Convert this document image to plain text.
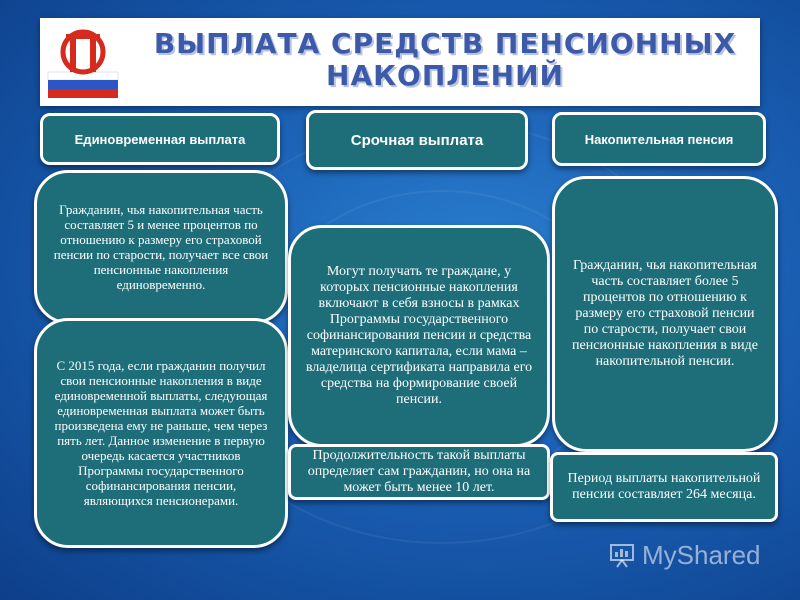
ВЫПЛАТА СРЕДСТВ ПЕНСИОННЫХ НАКОПЛЕНИЙ
Единовременная выплата
Гражданин, чья накопительная часть составляет 5 и менее процентов по отношению к размеру его страховой пенсии по старости, получает все свои пенсионные накопления единовременно.
С 2015 года, если гражданин получил свои пенсионные накопления в виде единовременной выплаты, следующая единовременная выплата может быть произведена ему не раньше, чем через пять лет. Данное изменение в первую очередь касается участников Программы государственного софинансирования пенсии, являющихся пенсионерами.
Срочная выплата
Могут получать те граждане, у которых пенсионные накопления включают в себя взносы в рамках Программы государственного софинансирования пенсии и средства материнского капитала, если мама – владелица сертификата направила его средства на формирование своей пенсии.
Продолжительность такой выплаты определяет сам гражданин, но она на может быть менее 10 лет.
Накопительная пенсия
Гражданин, чья накопительная часть составляет более 5 процентов по отношению к размеру его страховой пенсии по старости, получает свои пенсионные накопления в виде накопительной пенсии.
Период выплаты накопительной пенсии составляет 264 месяца.
MyShared
